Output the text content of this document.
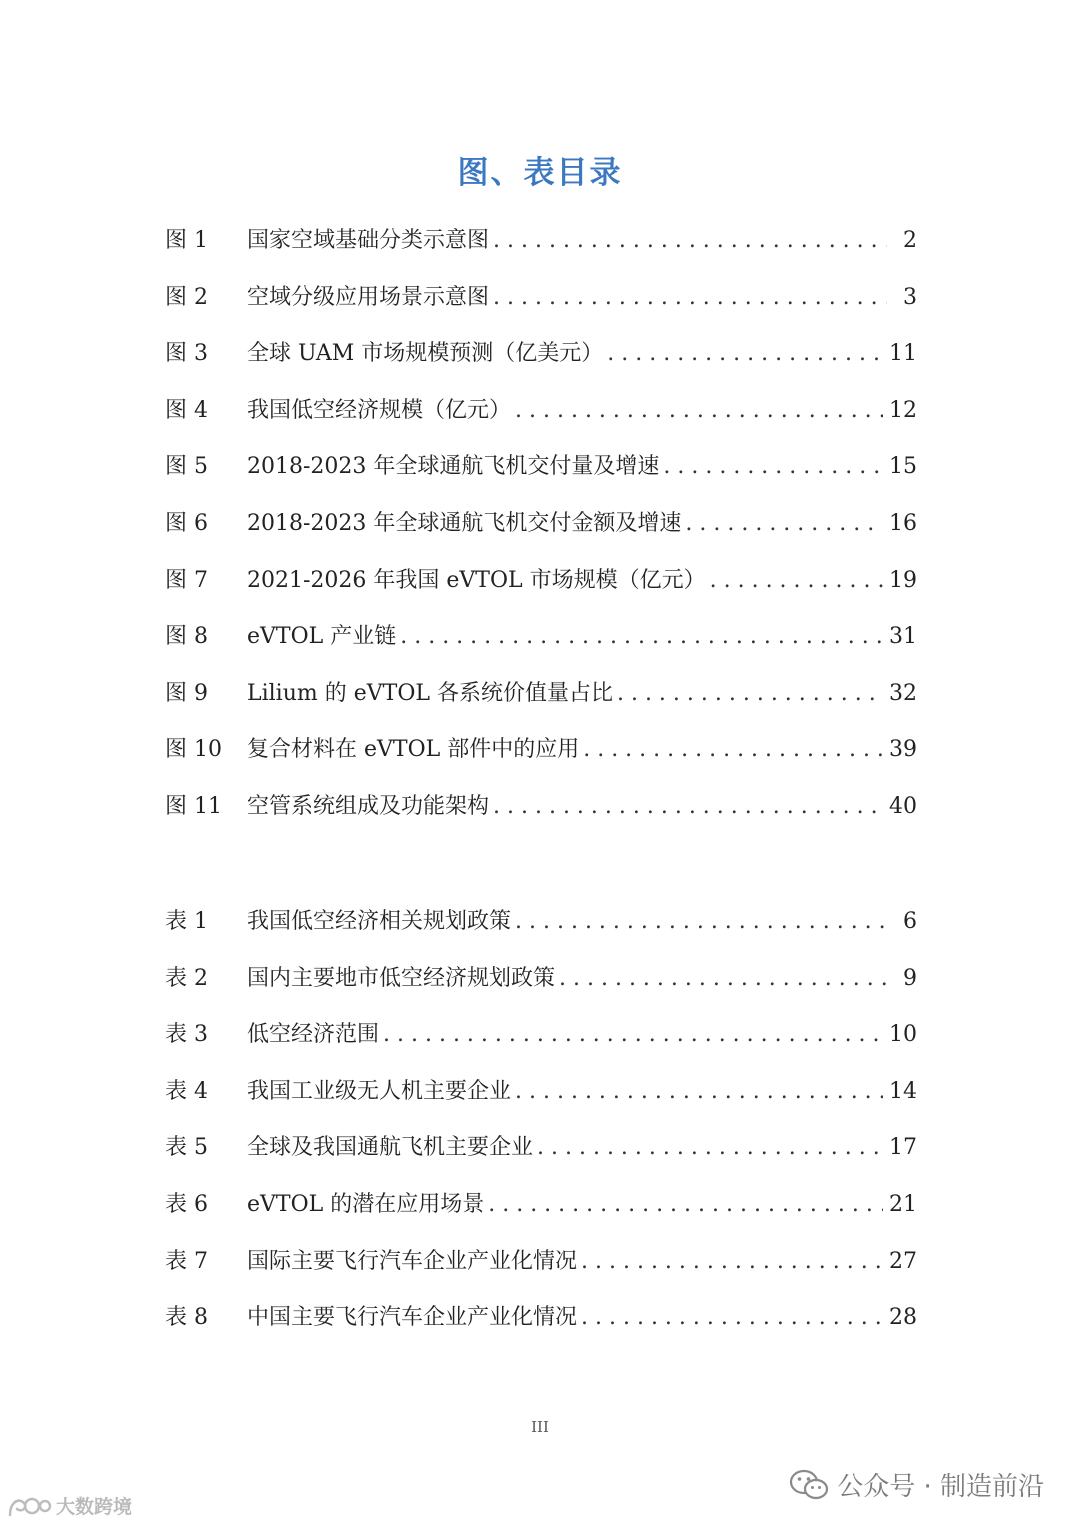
图、表目录
图 1	国家空域基础分类示意图 . . .	2
图 2	空域分级应用场景示意图 . . .	3
图 3	全球 UAM 市场规模预测（亿美元） . . .	11
图 4	我国低空经济规模（亿元） . . .	12
图 5	2018-2023 年全球通航飞机交付量及增速 . . .	15
图 6	2018-2023 年全球通航飞机交付金额及增速 . . .	16
图 7	2021-2026 年我国 eVTOL 市场规模（亿元） . . .	19
图 8	eVTOL 产业链 . . .	31
图 9	Lilium 的 eVTOL 各系统价值量占比 . . .	32
图 10	复合材料在 eVTOL 部件中的应用 . . .	39
图 11	空管系统组成及功能架构 . . .	40
表 1	我国低空经济相关规划政策 . . .	6
表 2	国内主要地市低空经济规划政策 . . .	9
表 3	低空经济范围 . . .	10
表 4	我国工业级无人机主要企业 . . .	14
表 5	全球及我国通航飞机主要企业 . . .	17
表 6	eVTOL 的潜在应用场景 . . .	21
表 7	国际主要飞行汽车企业产业化情况 . . .	27
表 8	中国主要飞行汽车企业产业化情况 . . .	28
III
公众号 · 制造前沿
大数跨境
